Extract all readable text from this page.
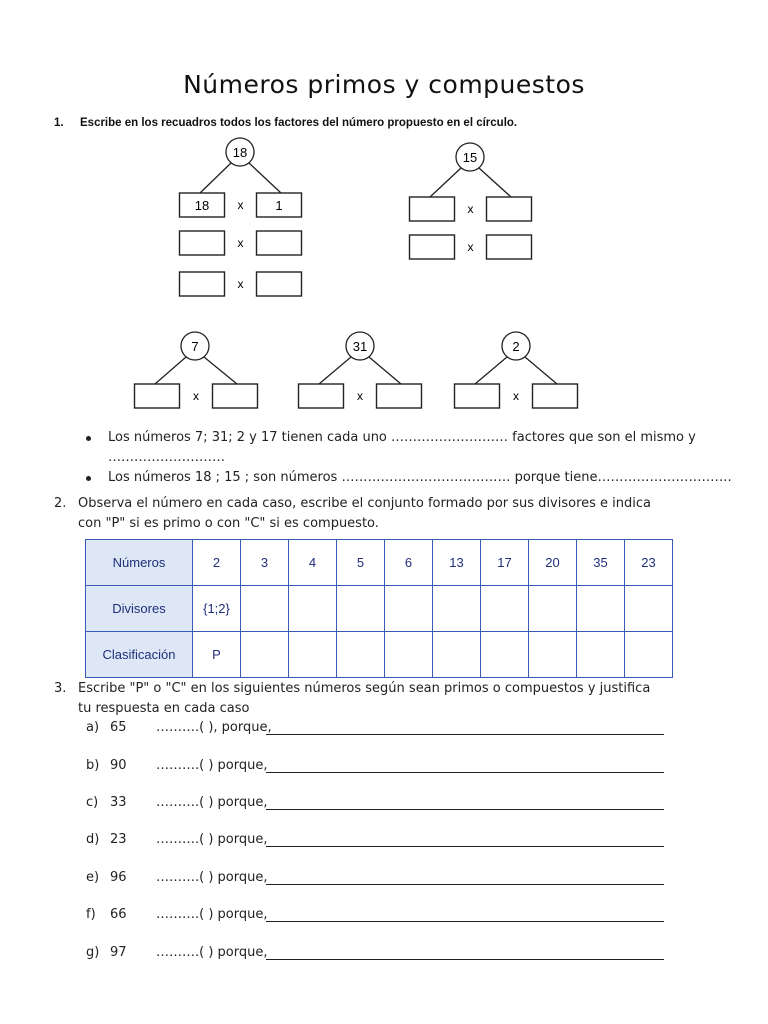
Números primos y compuestos
1. Escribe en los recuadros todos los factores del número propuesto en el círculo.
18
x
18	1
x
x
15
x
x
7
x
31
x
2
x
Los números 7; 31; 2 y 17 tienen cada uno ……………………… factores que son el mismo y ………………………
Los números 18 ; 15 ; son números ………………………………… porque tiene………………………….
2. Observa el número en cada caso, escribe el conjunto formado por sus divisores e indica
con "P" si es primo o con "C" si es compuesto.
Números	2	3	4	5	6	13	17	20	35	23
Divisores	{1;2}									
Clasificación	P									
3. Escribe "P" o "C" en los siguientes números según sean primos o compuestos y justifica
tu respuesta en cada caso
a) 65 ……….( ), porque,
b) 90 ……….( ) porque,
c) 33 ……….( ) porque,
d) 23 ……….( ) porque,
e) 96 ……….( ) porque,
f) 66 ……….( ) porque,
g) 97 ……….( ) porque,
